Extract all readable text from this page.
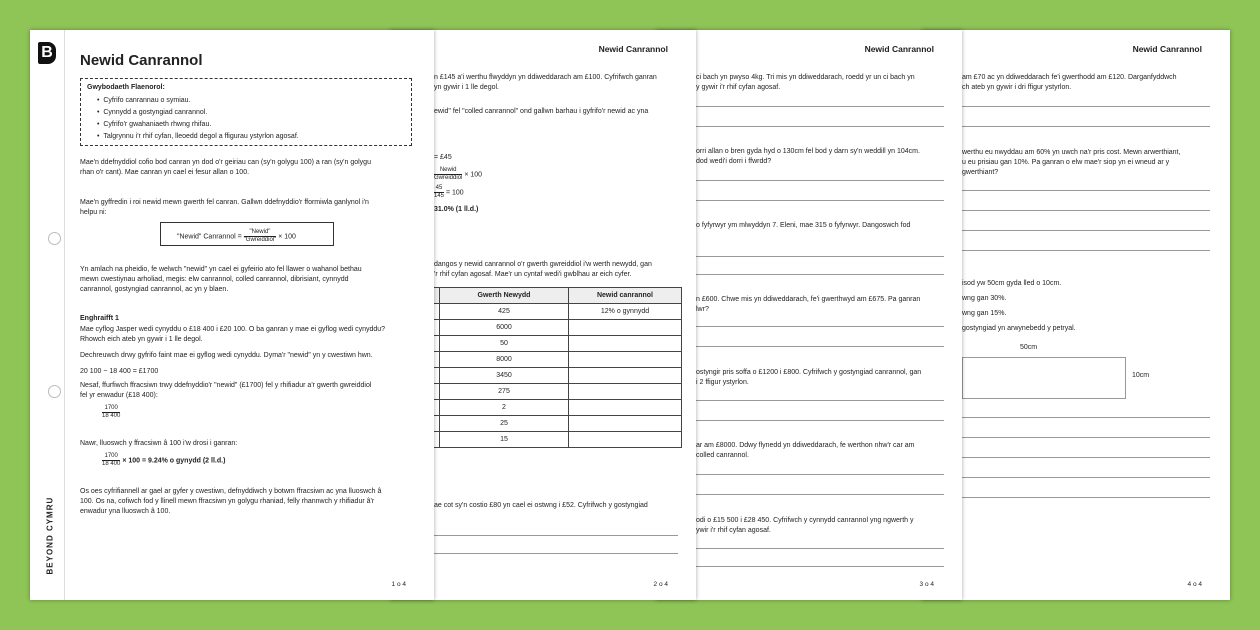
Newid Canrannol
am £70 ac yn ddiweddarach fe'i gwerthodd am £120. Darganfyddwch
ch ateb yn gywir i dri ffigur ystyrlon.
werthu eu nwyddau am 60% yn uwch na'r pris cost. Mewn arwerthiant,
u eu prisiau gan 10%. Pa ganran o elw mae'r siop yn ei wneud ar y
gwerthiant?
isod yw 50cm gyda lled o 10cm.
wng gan 30%.
wng gan 15%.
gostyngiad yn arwynebedd y petryal.
50cm
10cm
4 o 4
Newid Canrannol
ci bach yn pwyso 4kg. Tri mis yn ddiweddarach, roedd yr un ci bach yn
y gywir i'r rhif cyfan agosaf.
orri allan o bren gyda hyd o 130cm fel bod y darn sy'n weddill yn 104cm.
dod wedi'i dorri i ffwrdd?
o fyfyrwyr ym mlwyddyn 7. Eleni, mae 315 o fyfyrwyr. Dangoswch fod
n £600. Chwe mis yn ddiweddarach, fe'i gwerthwyd am £675. Pa ganran
lwr?
ostyngir pris soffa o £1200 i £800. Cyfrifwch y gostyngiad canrannol, gan
i 2 ffigur ystyrlon.
ar am £8000. Ddwy flynedd yn ddiweddarach, fe werthon nhw'r car am
colled canrannol.
odi o £15 500 i £28 450. Cyfrifwch y cynnydd canrannol yng ngwerth y
ywir i'r rhif cyfan agosaf.
3 o 4
Newid Canrannol
n £145 a'i werthu flwyddyn yn ddiweddarach am £100. Cyfrifwch ganran
yn gywir i 1 lle degol.
ewid" fel "colled canrannol" ond gallwn barhau i gyfrifo'r newid ac yna
= £45
$\frac{\text{Newid}}{\text{Gwreiddiol}} \times 100$
$\frac{45}{145} = 100$
31.0% (1 ll.d.)
dangos y newid canrannol o'r gwerth gwreiddiol i'w werth newydd, gan
'r rhif cyfan agosaf. Mae'r un cyntaf wedi'i gwblhau ar eich cyfer.
	Gwerth Newydd	Newid canrannol
	425	12% o gynnydd
	6000	
	50	
	8000	
	3450	
	275	
	2	
	25	
	15	
ae cot sy'n costio £80 yn cael ei ostwng i £52. Cyfrifwch y gostyngiad
2 o 4
B
BEYOND CYMRU
Newid Canrannol
Gwybodaeth Flaenorol:
•  Cyfrifo canrannau o symiau.
•  Cynnydd a gostyngiad canrannol.
•  Cyfrifo'r gwahaniaeth rhwng rhifau.
•  Talgrynnu i'r rhif cyfan, lleoedd degol a ffigurau ystyrlon agosaf.
Mae'n ddefnyddiol cofio bod canran yn dod o'r geiriau can (sy'n golygu 100) a ran (sy'n golygu
rhan o'r cant). Mae canran yn cael ei fesur allan o 100.
Mae'n gyffredin i roi newid mewn gwerth fel canran. Gallwn ddefnyddio'r fformiwla ganlynol i'n
helpu ni:
"Newid" Canrannol = $\frac{\text{"Newid"}}{\text{"Gwreiddiol"}} \times 100$
Yn amlach na pheidio, fe welwch "newid" yn cael ei gyfeirio ato fel llawer o wahanol bethau
mewn cwestiynau arholiad, megis: elw canrannol, colled canrannol, dibrisiant, cynnydd
canrannol, gostyngiad canrannol, ac yn y blaen.
Enghraifft 1
Mae cyflog Jasper wedi cynyddu o £18 400 i £20 100. O ba ganran y mae ei gyflog wedi cynyddu?
Rhowch eich ateb yn gywir i 1 lle degol.
Dechreuwch drwy gyfrifo faint mae ei gyflog wedi cynyddu. Dyma'r "newid" yn y cwestiwn hwn.
20 100 − 18 400 = £1700
Nesaf, ffurfiwch ffracsiwn trwy ddefnyddio'r "newid" (£1700) fel y rhifiadur a'r gwerth gwreiddiol
fel yr enwadur (£18 400):
$\frac{1700}{18 400}$
Nawr, lluoswch y ffracsiwn â 100 i'w drosi i ganran:
$\frac{1700}{18 400} \times 100 = 9.24\%$ o gynydd (2 ll.d.)
Os oes cyfrifiannell ar gael ar gyfer y cwestiwn, defnyddiwch y botwm ffracsiwn ac yna lluoswch â
100. Os na, cofiwch fod y llinell mewn ffracsiwn yn golygu rhaniad, felly rhannwch y rhifiadur â'r
enwadur yna lluoswch â 100.
1 o 4
